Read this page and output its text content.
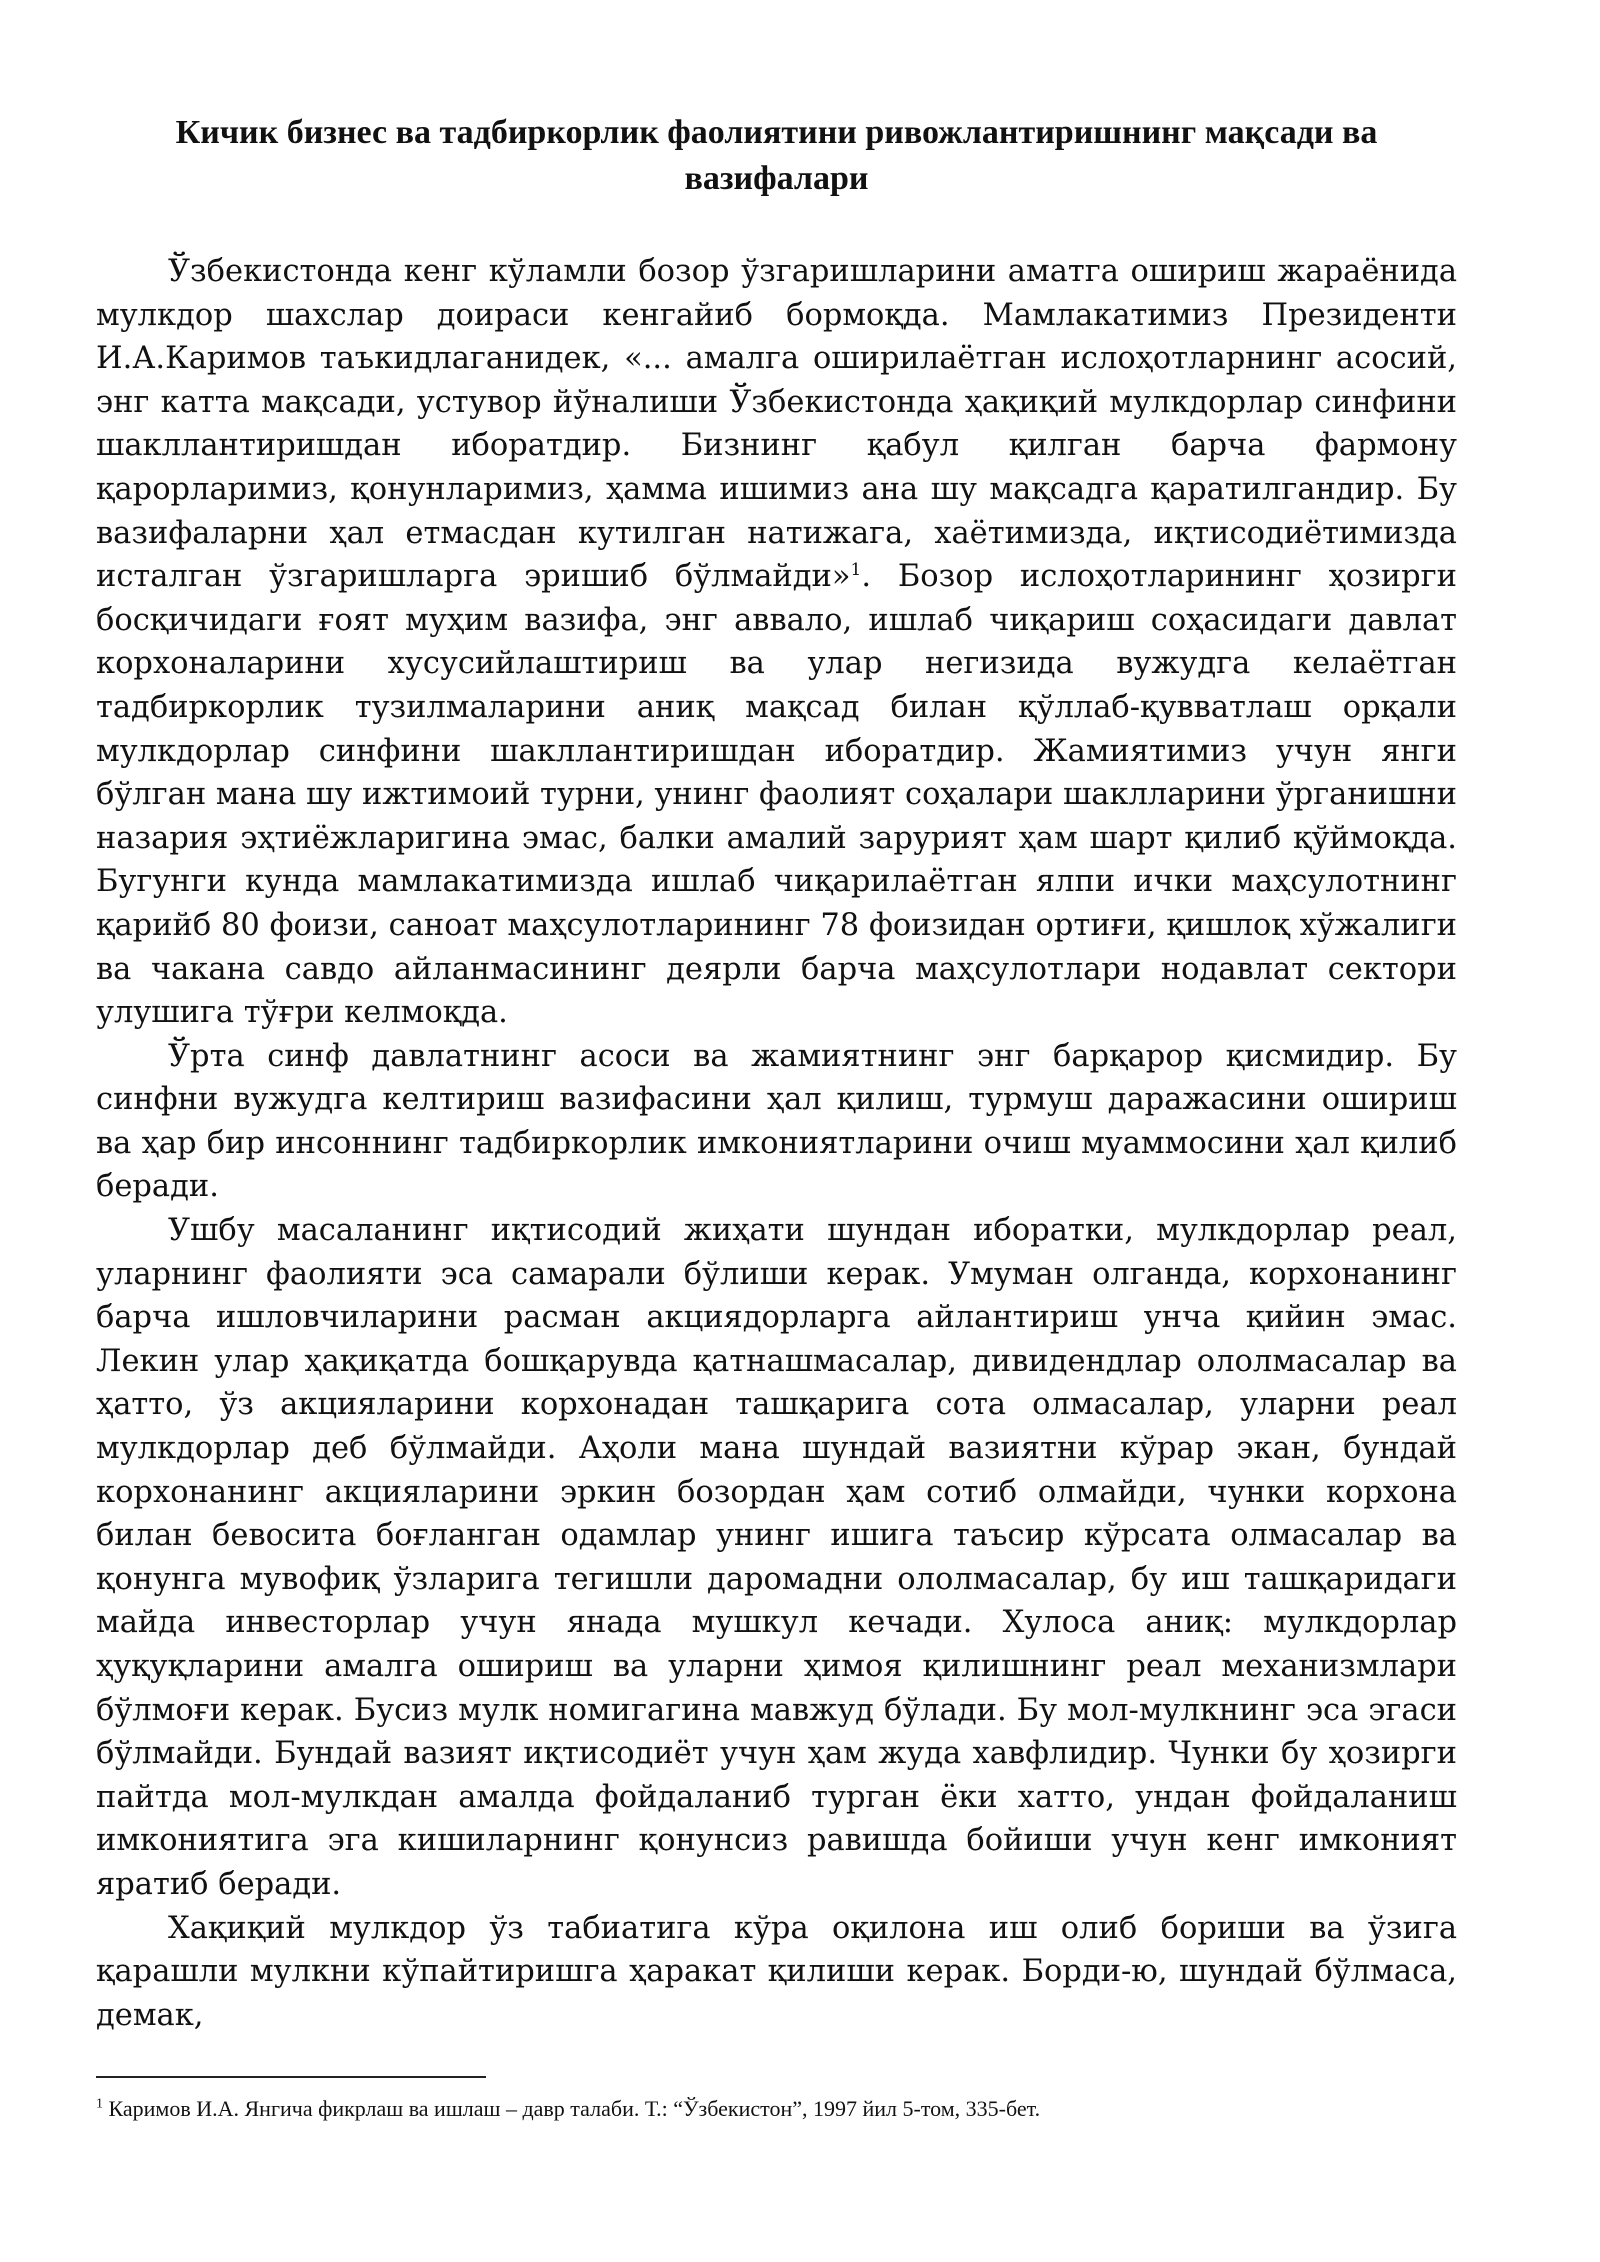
Кичик бизнес ва тадбиркорлик фаолиятини ривожлантиришнинг мақсади ва
вазифалари

Ўзбекистонда кенг кўламли бозор ўзгаришларини аматга ошириш жараёнида мулкдор шахслар доираси кенгайиб бормоқда. Мамлакатимиз Президенти И.А.Каримов таъкидлаганидек, «... амалга оширилаётган ислоҳотларнинг асосий, энг катта мақсади, устувор йўналиши Ўзбекистонда ҳақиқий мулкдорлар синфини шакллантиришдан иборатдир. Бизнинг қабул қилган барча фармону қарорларимиз, қонунларимиз, ҳамма ишимиз ана шу мақсадга қаратилгандир. Бу вазифаларни ҳал етмасдан кутилган натижага, хаётимизда, иқтисодиётимизда исталган ўзгаришларга эришиб бўлмайди»$^1$. Бозор ислоҳотларининг ҳозирги босқичидаги ғоят муҳим вазифа, энг аввало, ишлаб чиқариш соҳасидаги давлат корхоналарини хусусийлаштириш ва улар негизида вужудга келаётган тадбиркорлик тузилмаларини аниқ мақсад билан қўллаб-қувватлаш орқали мулкдорлар синфини шакллантиришдан иборатдир. Жамиятимиз учун янги бўлган мана шу ижтимоий турни, унинг фаолият соҳалари шаклларини ўрганишни назария эҳтиёжларигина эмас, балки амалий зарурият ҳам шарт қилиб қўймоқда. Бугунги кунда мамлакатимизда ишлаб чиқарилаётган ялпи ички маҳсулотнинг қарийб 80 фоизи, саноат маҳсулотларининг 78 фоизидан ортиғи, қишлоқ хўжалиги ва чакана савдо айланмасининг деярли барча маҳсулотлари нодавлат сектори улушига тўғри келмоқда.

Ўрта синф давлатнинг асоси ва жамиятнинг энг барқарор қисмидир. Бу синфни вужудга келтириш вазифасини ҳал қилиш, турмуш даражасини ошириш ва ҳар бир инсоннинг тадбиркорлик имкониятларини очиш муаммосини ҳал қилиб беради.

Ушбу масаланинг иқтисодий жиҳати шундан иборатки, мулкдорлар реал, уларнинг фаолияти эса самарали бўлиши керак. Умуман олганда, корхонанинг барча ишловчиларини расман акциядорларга айлантириш унча қийин эмас. Лекин улар ҳақиқатда бошқарувда қатнашмасалар, дивидендлар ололмасалар ва ҳатто, ўз акцияларини корхонадан ташқарига сота олмасалар, уларни реал мулкдорлар деб бўлмайди. Аҳоли мана шундай вазиятни кўрар экан, бундай корхонанинг акцияларини эркин бозордан ҳам сотиб олмайди, чунки корхона билан бевосита боғланган одамлар унинг ишига таъсир кўрсата олмасалар ва қонунга мувофиқ ўзларига тегишли даромадни ололмасалар, бу иш ташқаридаги майда инвесторлар учун янада мушкул кечади. Хулоса аниқ: мулкдорлар ҳуқуқларини амалга ошириш ва уларни ҳимоя қилишнинг реал механизмлари бўлмоғи керак. Бусиз мулк номигагина мавжуд бўлади. Бу мол-мулкнинг эса эгаси бўлмайди. Бундай вазият иқтисодиёт учун ҳам жуда хавфлидир. Чунки бу ҳозирги пайтда мол-мулкдан амалда фойдаланиб турган ёки хатто, ундан фойдаланиш имкониятига эга кишиларнинг қонунсиз равишда бойиши учун кенг имконият яратиб беради.

Хақиқий мулкдор ўз табиатига кўра оқилона иш олиб бориши ва ўзига қарашли мулкни кўпайтиришга ҳаракат қилиши керак. Борди-ю, шундай бўлмаса, демак,

$^1$ Каримов И.А. Янгича фикрлаш ва ишлаш – давр талаби. Т.: “Ўзбекистон”, 1997 йил 5-том, 335-бет.
